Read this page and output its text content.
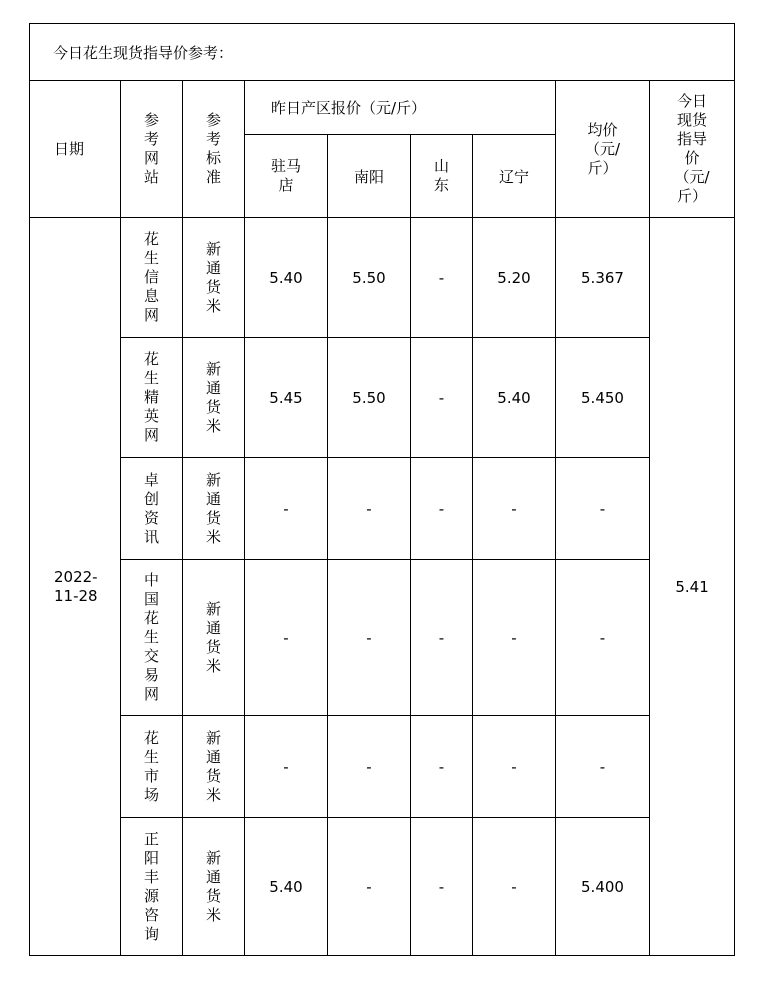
今日花生现货指导价参考：								
日期	参考网站	参考标准	昨日产区报价（元/斤）				均价（元/斤）	今日现货指导价（元/斤）
			驻马店	南阳	山东	辽宁		
2022-11-28	花生信息网	新通货米	5.40	5.50	-	5.20	5.367	5.41
	花生精英网	新通货米	5.45	5.50	-	5.40	5.450	
	卓创资讯	新通货米	-	-	-	-	-	
	中国花生交易网	新通货米	-	-	-	-	-	
	花生市场	新通货米	-	-	-	-	-	
	正阳丰源咨询	新通货米	5.40	-	-	-	5.400	
